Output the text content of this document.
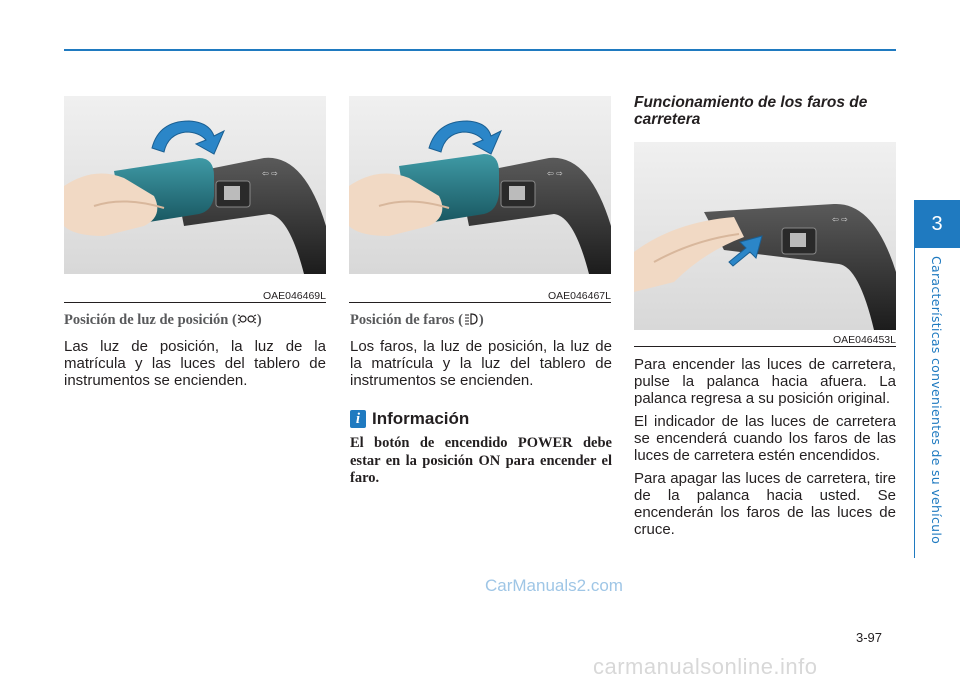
3
Características convenientes de su vehículo
⇦ ⇨
OAE046469L
Posición de luz de posición ( )
Las luz de posición, la luz de la matrícula y las luces del tablero de instrumentos se encienden.
⇦ ⇨
OAE046467L
Posición de faros ( )
Los faros, la luz de posición, la luz de la matrícula y la luz del tablero de instrumentos se encienden.
i Información
El botón de encendido POWER debe estar en la posición ON para encender el faro.
Funcionamiento de los faros de carretera
⇦ ⇨
OAE046453L

Para encender las luces de carretera, pulse la palanca hacia afuera. La palanca regresa a su posición original.

El indicador de las luces de carretera se encenderá cuando los faros de las luces de carretera estén encendidos.

Para apagar las luces de carretera, tire de la palanca hacia usted. Se encenderán los faros de las luces de cruce.

CarManuals2.com
3-97
carmanualsonline.info
